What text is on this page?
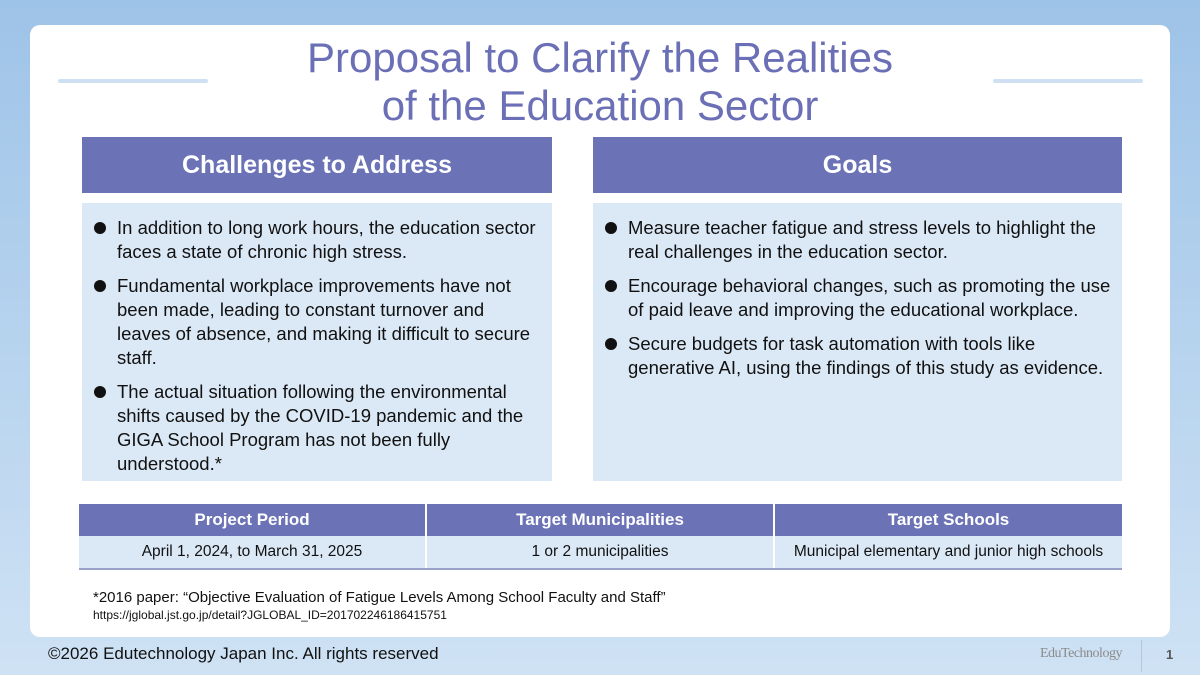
Proposal to Clarify the Realities
of the Education Sector
Challenges to Address
In addition to long work hours, the education sector faces a state of chronic high stress.
Fundamental workplace improvements have not been made, leading to constant turnover and leaves of absence, and making it difficult to secure staff.
The actual situation following the environmental shifts caused by the COVID-19 pandemic and the GIGA School Program has not been fully understood.*
Goals
Measure teacher fatigue and stress levels to highlight the real challenges in the education sector.
Encourage behavioral changes, such as promoting the use of paid leave and improving the educational workplace.
Secure budgets for task automation with tools like generative AI, using the findings of this study as evidence.
Project Period	Target Municipalities	Target Schools
April 1, 2024, to March 31, 2025	1 or 2 municipalities	Municipal elementary and junior high schools
*2016 paper: “Objective Evaluation of Fatigue Levels Among School Faculty and Staff”
https://jglobal.jst.go.jp/detail?JGLOBAL_ID=201702246186415751
©2026 Edutechnology Japan Inc. All rights reserved	EduTechnology	1
